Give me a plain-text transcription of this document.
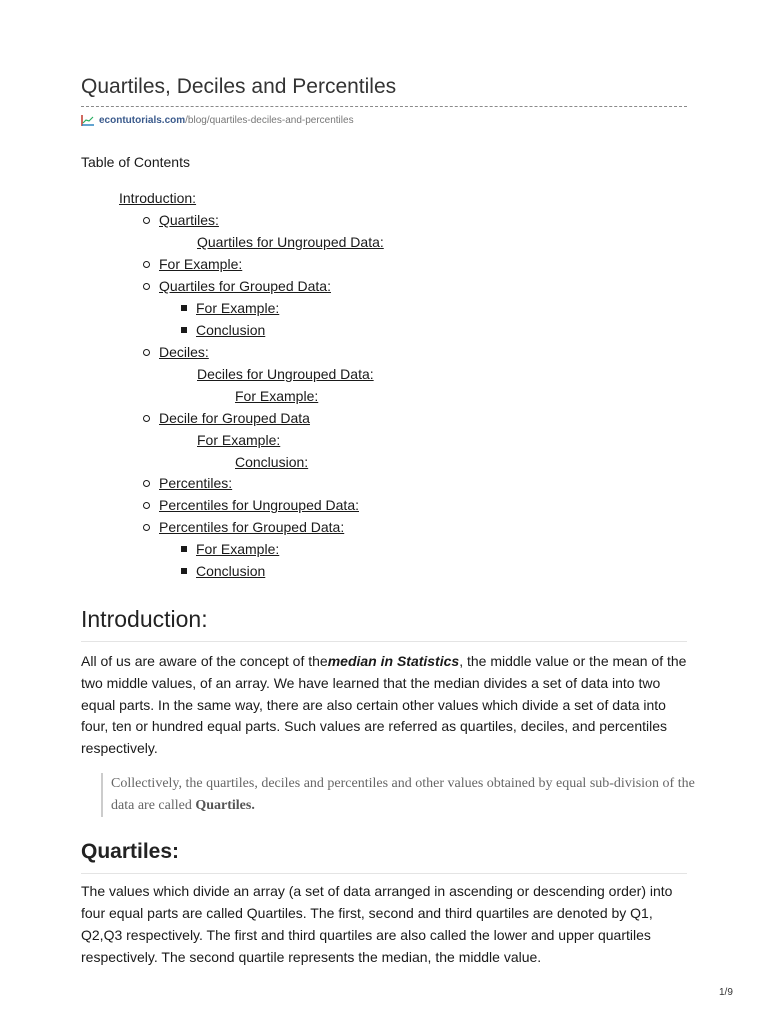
Quartiles, Deciles and Percentiles
econtutorials.com /blog/quartiles-deciles-and-percentiles
Table of Contents
Introduction:
Quartiles:
Quartiles for Ungrouped Data:
For Example:
Quartiles for Grouped Data:
For Example:
Conclusion
Deciles:
Deciles for Ungrouped Data:
For Example:
Decile for Grouped Data
For Example:
Conclusion:
Percentiles:
Percentiles for Ungrouped Data:
Percentiles for Grouped Data:
For Example:
Conclusion
Introduction:

All of us are aware of the concept of themedian in Statistics, the middle value or the mean of the two middle values, of an array. We have learned that the median divides a set of data into two equal parts. In the same way, there are also certain other values which divide a set of data into four, ten or hundred equal parts. Such values are referred as quartiles, deciles, and percentiles respectively.

Collectively, the quartiles, deciles and percentiles and other values obtained by equal sub-division of the data are called Quartiles.
Quartiles:

The values which divide an array (a set of data arranged in ascending or descending order) into four equal parts are called Quartiles. The first, second and third quartiles are denoted by Q1, Q2,Q3 respectively. The first and third quartiles are also called the lower and upper quartiles respectively. The second quartile represents the median, the middle value.

1/9
